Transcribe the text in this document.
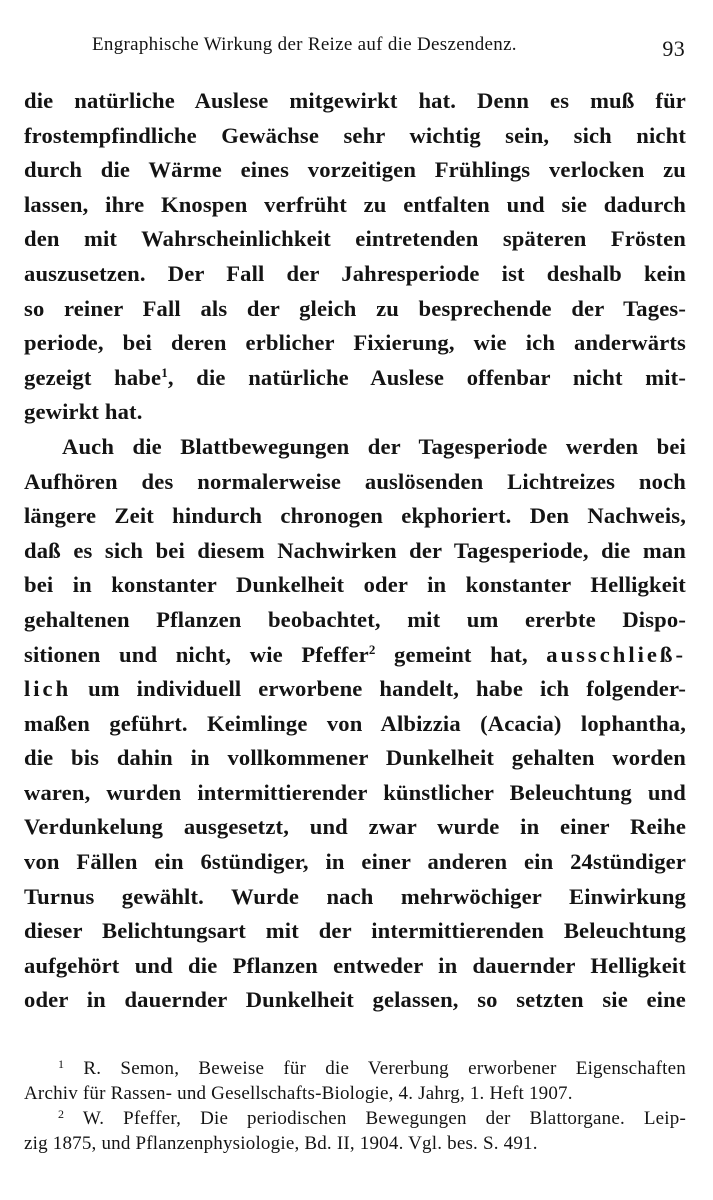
Engraphische Wirkung der Reize auf die Deszendenz.	93
die natürliche Auslese mitgewirkt hat. Denn es muß für
frostempfindliche Gewächse sehr wichtig sein, sich nicht
durch die Wärme eines vorzeitigen Frühlings verlocken zu
lassen, ihre Knospen verfrüht zu entfalten und sie dadurch
den mit Wahrscheinlichkeit eintretenden späteren Frösten
auszusetzen. Der Fall der Jahresperiode ist deshalb kein
so reiner Fall als der gleich zu besprechende der Tages-
periode, bei deren erblicher Fixierung, wie ich anderwärts
gezeigt habe$^1$, die natürliche Auslese offenbar nicht mit-
gewirkt hat.
Auch die Blattbewegungen der Tagesperiode werden bei
Aufhören des normalerweise auslösenden Lichtreizes noch
längere Zeit hindurch chronogen ekphoriert. Den Nachweis,
daß es sich bei diesem Nachwirken der Tagesperiode, die man
bei in konstanter Dunkelheit oder in konstanter Helligkeit
gehaltenen Pflanzen beobachtet, mit um ererbte Dispo-
sitionen und nicht, wie Pfeffer$^2$ gemeint hat, ausschließ-
lich um individuell erworbene handelt, habe ich folgender-
maßen geführt. Keimlinge von Albizzia (Acacia) lophantha,
die bis dahin in vollkommener Dunkelheit gehalten worden
waren, wurden intermittierender künstlicher Beleuchtung und
Verdunkelung ausgesetzt, und zwar wurde in einer Reihe
von Fällen ein 6stündiger, in einer anderen ein 24stündiger
Turnus gewählt. Wurde nach mehrwöchiger Einwirkung
dieser Belichtungsart mit der intermittierenden Beleuchtung
aufgehört und die Pflanzen entweder in dauernder Helligkeit
oder in dauernder Dunkelheit gelassen, so setzten sie eine
$^1$ R. Semon, Beweise für die Vererbung erworbener Eigenschaften
Archiv für Rassen- und Gesellschafts-Biologie, 4. Jahrg, 1. Heft 1907.
$^2$ W. Pfeffer, Die periodischen Bewegungen der Blattorgane. Leip-
zig 1875, und Pflanzenphysiologie, Bd. II, 1904. Vgl. bes. S. 491.
